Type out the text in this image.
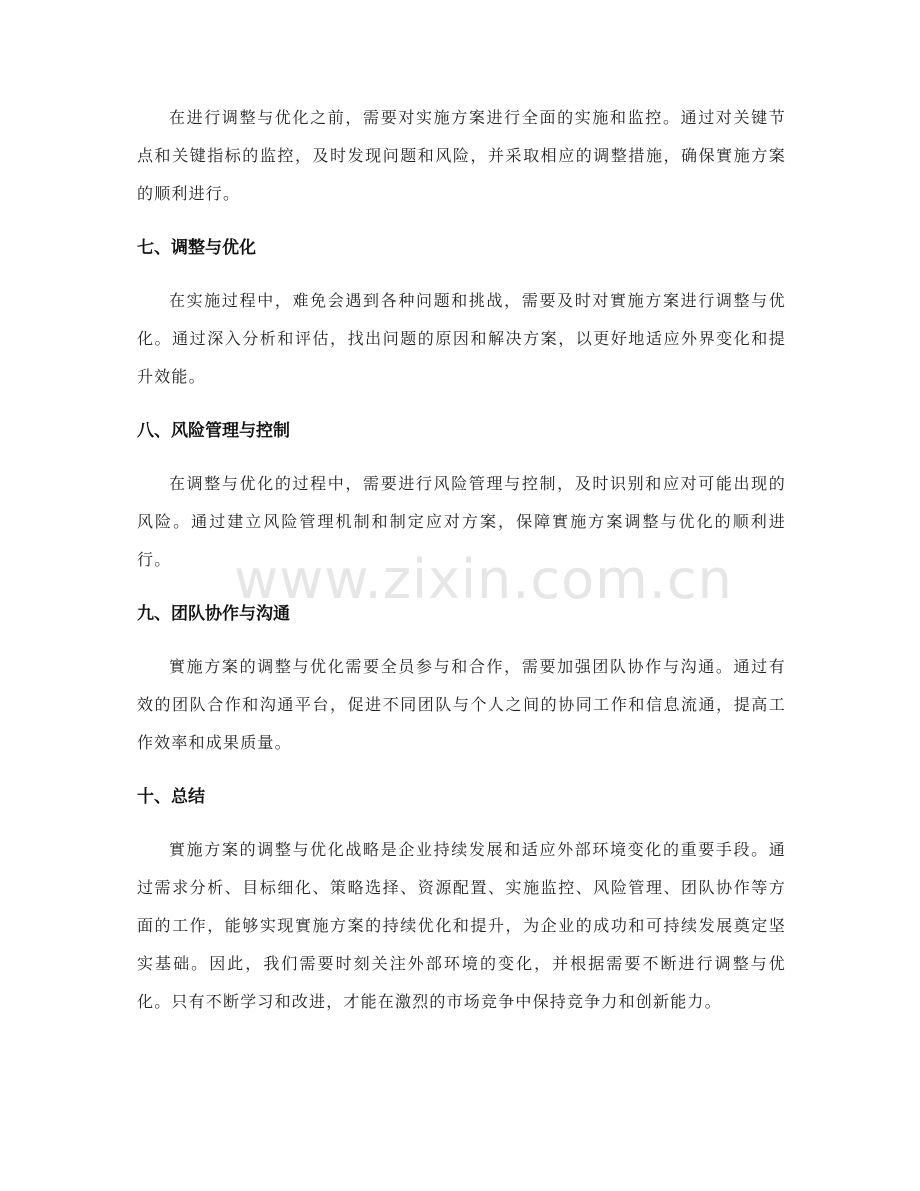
www.zixin.com.cn

在进行调整与优化之前，需要对实施方案进行全面的实施和监控。通过对关键节点和关键指标的监控，及时发现问题和风险，并采取相应的调整措施，确保實施方案的顺利进行。

七、调整与优化

在实施过程中，难免会遇到各种问题和挑战，需要及时对實施方案进行调整与优化。通过深入分析和评估，找出问题的原因和解决方案，以更好地适应外界变化和提升效能。

八、风险管理与控制

在调整与优化的过程中，需要进行风险管理与控制，及时识别和应对可能出现的风险。通过建立风险管理机制和制定应对方案，保障實施方案调整与优化的顺利进行。

九、团队协作与沟通

實施方案的调整与优化需要全员参与和合作，需要加强团队协作与沟通。通过有效的团队合作和沟通平台，促进不同团队与个人之间的协同工作和信息流通，提高工作效率和成果质量。

十、总结

實施方案的调整与优化战略是企业持续发展和适应外部环境变化的重要手段。通过需求分析、目标细化、策略选择、资源配置、实施监控、风险管理、团队协作等方面的工作，能够实现實施方案的持续优化和提升，为企业的成功和可持续发展奠定坚实基础。因此，我们需要时刻关注外部环境的变化，并根据需要不断进行调整与优化。只有不断学习和改进，才能在激烈的市场竞争中保持竞争力和创新能力。
